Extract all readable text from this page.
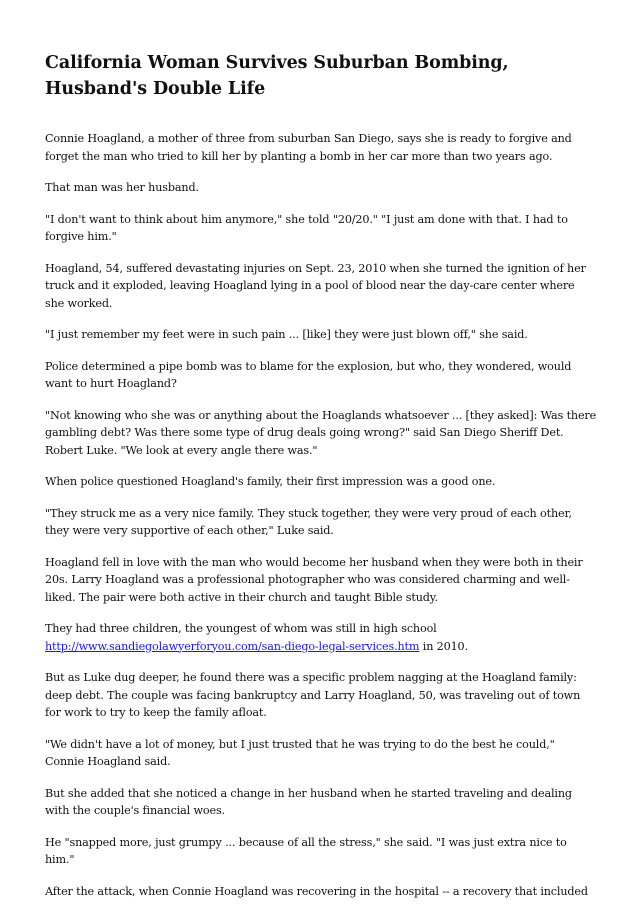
California Woman Survives Suburban Bombing, Husband's Double Life

Connie Hoagland, a mother of three from suburban San Diego, says she is ready to forgive and forget the man who tried to kill her by planting a bomb in her car more than two years ago.

That man was her husband.

"I don't want to think about him anymore," she told "20/20." "I just am done with that. I had to forgive him."

Hoagland, 54, suffered devastating injuries on Sept. 23, 2010 when she turned the ignition of her truck and it exploded, leaving Hoagland lying in a pool of blood near the day-care center where she worked.

"I just remember my feet were in such pain ... [like] they were just blown off," she said.

Police determined a pipe bomb was to blame for the explosion, but who, they wondered, would want to hurt Hoagland?

"Not knowing who she was or anything about the Hoaglands whatsoever ... [they asked]: Was there gambling debt? Was there some type of drug deals going wrong?" said San Diego Sheriff Det. Robert Luke. "We look at every angle there was."

When police questioned Hoagland's family, their first impression was a good one.

"They struck me as a very nice family. They stuck together, they were very proud of each other, they were very supportive of each other," Luke said.

Hoagland fell in love with the man who would become her husband when they were both in their 20s. Larry Hoagland was a professional photographer who was considered charming and well-liked. The pair were both active in their church and taught Bible study.

They had three children, the youngest of whom was still in high school http://www.sandiegolawyerforyou.com/san-diego-legal-services.htm in 2010.

But as Luke dug deeper, he found there was a specific problem nagging at the Hoagland family: deep debt. The couple was facing bankruptcy and Larry Hoagland, 50, was traveling out of town for work to try to keep the family afloat.

"We didn't have a lot of money, but I just trusted that he was trying to do the best he could," Connie Hoagland said.

But she added that she noticed a change in her husband when he started traveling and dealing with the couple's financial woes.

He "snapped more, just grumpy ... because of all the stress," she said. "I was just extra nice to him."

After the attack, when Connie Hoagland was recovering in the hospital -- a recovery that included
